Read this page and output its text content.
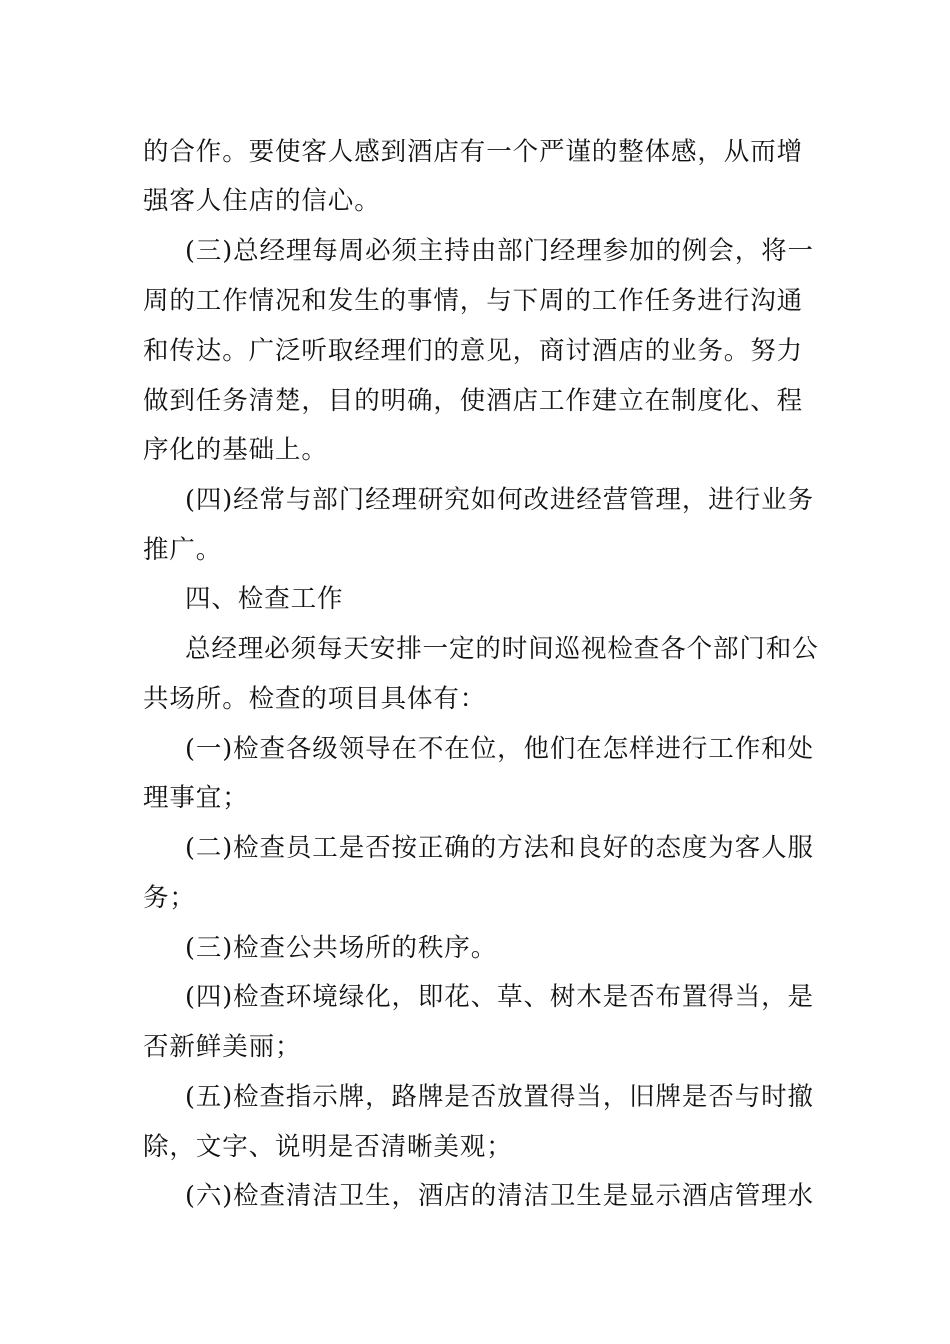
的合作。要使客人感到酒店有一个严谨的整体感，从而增

强客人住店的信心。

(三)总经理每周必须主持由部门经理参加的例会，将一

周的工作情况和发生的事情，与下周的工作任务进行沟通

和传达。广泛听取经理们的意见，商讨酒店的业务。努力

做到任务清楚，目的明确，使酒店工作建立在制度化、程

序化的基础上。

(四)经常与部门经理研究如何改进经营管理，进行业务

推广。

四、检查工作

总经理必须每天安排一定的时间巡视检查各个部门和公

共场所。检查的项目具体有：

(一)检查各级领导在不在位，他们在怎样进行工作和处

理事宜；

(二)检查员工是否按正确的方法和良好的态度为客人服

务；

(三)检查公共场所的秩序。

(四)检查环境绿化，即花、草、树木是否布置得当，是

否新鲜美丽；

(五)检查指示牌，路牌是否放置得当，旧牌是否与时撤

除，文字、说明是否清晰美观；

(六)检查清洁卫生，酒店的清洁卫生是显示酒店管理水
